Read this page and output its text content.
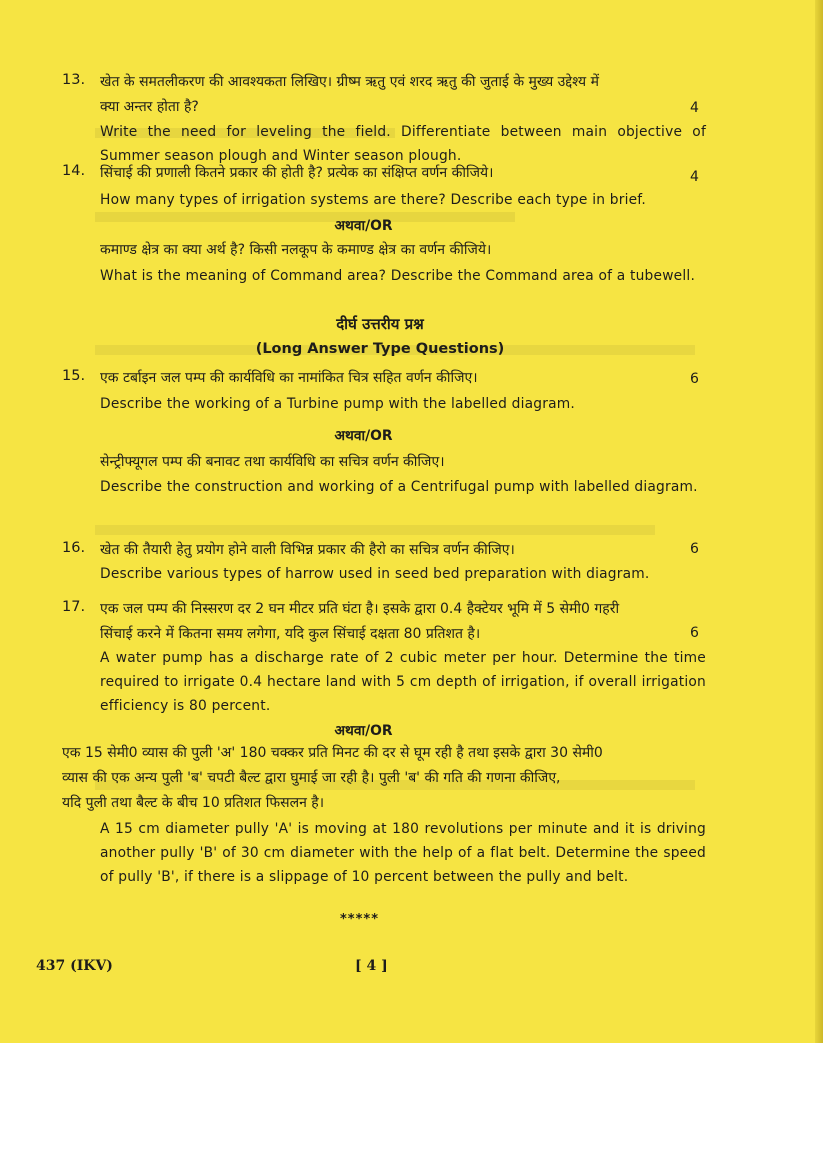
13. खेत के समतलीकरण की आवश्यकता लिखिए। ग्रीष्म ऋतु एवं शरद ऋतु की जुताई के मुख्य उद्देश्य में
क्या अन्तर होता है?	4
Write the need for leveling the field. Differentiate between main objective of Summer season plough and Winter season plough.
14. सिंचाई की प्रणाली कितने प्रकार की होती है? प्रत्येक का संक्षिप्त वर्णन कीजिये।	4
How many types of irrigation systems are there? Describe each type in brief.
अथवा/OR
कमाण्ड क्षेत्र का क्या अर्थ है? किसी नलकूप के कमाण्ड क्षेत्र का वर्णन कीजिये।
What is the meaning of Command area? Describe the Command area of a tubewell.
दीर्घ उत्तरीय प्रश्न
(Long Answer Type Questions)
15. एक टर्बाइन जल पम्प की कार्यविधि का नामांकित चित्र सहित वर्णन कीजिए।	6
Describe the working of a Turbine pump with the labelled diagram.
अथवा/OR
सेन्ट्रीफ्यूगल पम्प की बनावट तथा कार्यविधि का सचित्र वर्णन कीजिए।
Describe the construction and working of a Centrifugal pump with labelled diagram.
16. खेत की तैयारी हेतु प्रयोग होने वाली विभिन्न प्रकार की हैरो का सचित्र वर्णन कीजिए।	6
Describe various types of harrow used in seed bed preparation with diagram.
17. एक जल पम्प की निस्सरण दर 2 घन मीटर प्रति घंटा है। इसके द्वारा 0.4 हैक्टेयर भूमि में 5 सेमी0 गहरी
सिंचाई करने में कितना समय लगेगा, यदि कुल सिंचाई दक्षता 80 प्रतिशत है।	6
A water pump has a discharge rate of 2 cubic meter per hour. Determine the time required to irrigate 0.4 hectare land with 5 cm depth of irrigation, if overall irrigation efficiency is 80 percent.
अथवा/OR
एक 15 सेमी0 व्यास की पुली 'अ' 180 चक्कर प्रति मिनट की दर से घूम रही है तथा इसके द्वारा 30 सेमी0
व्यास की एक अन्य पुली 'ब' चपटी बैल्ट द्वारा घुमाई जा रही है। पुली 'ब' की गति की गणना कीजिए,
यदि पुली तथा बैल्ट के बीच 10 प्रतिशत फिसलन है।
A 15 cm diameter pully 'A' is moving at 180 revolutions per minute and it is driving another pully 'B' of 30 cm diameter with the help of a flat belt. Determine the speed of pully 'B', if there is a slippage of 10 percent between the pully and belt.
*****
437 (IKV)	[ 4 ]
